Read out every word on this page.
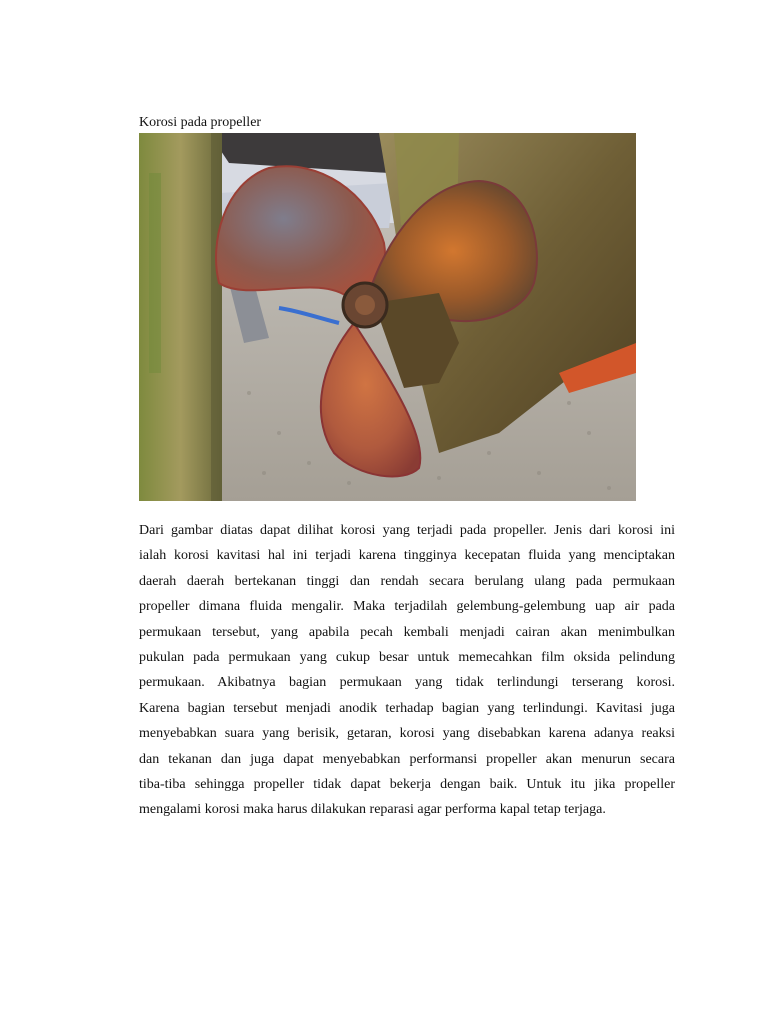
Korosi pada propeller
Dari gambar diatas dapat dilihat korosi yang terjadi pada propeller. Jenis dari korosi ini
ialah korosi kavitasi hal ini terjadi karena tingginya kecepatan fluida yang menciptakan
daerah daerah bertekanan tinggi dan rendah secara berulang ulang pada permukaan
propeller dimana fluida mengalir. Maka terjadilah gelembung-gelembung uap air pada
permukaan tersebut, yang apabila pecah kembali menjadi cairan akan menimbulkan
pukulan pada permukaan yang cukup besar untuk memecahkan film oksida pelindung
permukaan. Akibatnya bagian permukaan yang tidak terlindungi terserang korosi.
Karena bagian tersebut menjadi anodik terhadap bagian yang terlindungi. Kavitasi juga
menyebabkan suara yang berisik, getaran, korosi yang disebabkan karena adanya reaksi
dan tekanan dan juga dapat menyebabkan performansi propeller akan menurun secara
tiba-tiba sehingga propeller tidak dapat bekerja dengan baik. Untuk itu jika propeller
mengalami korosi maka harus dilakukan reparasi agar performa kapal tetap terjaga.
